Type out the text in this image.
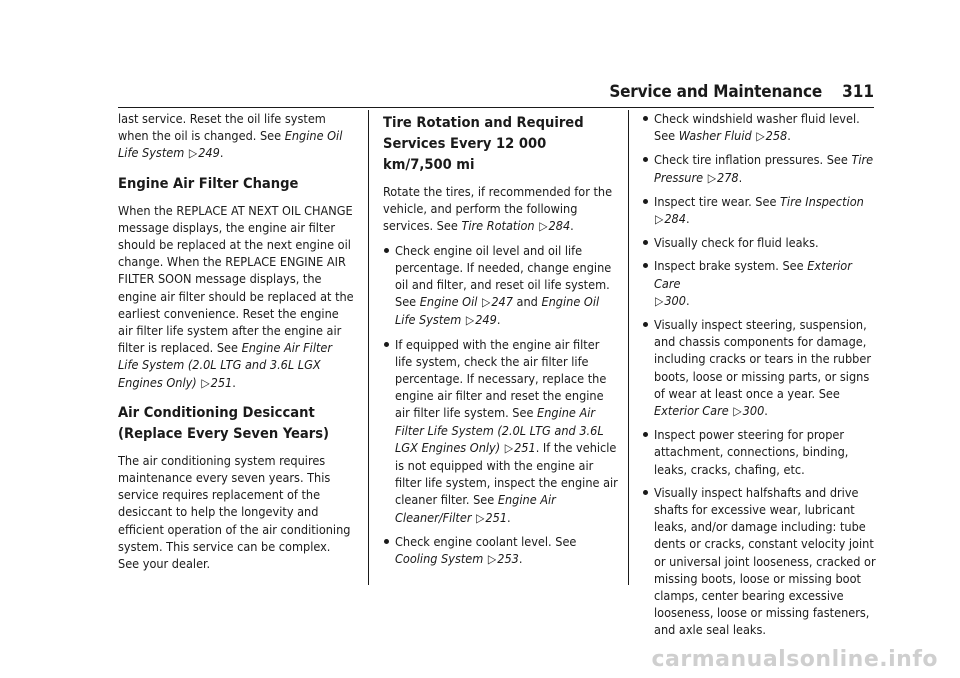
Service and Maintenance 311

last service. Reset the oil life system when the oil is changed. See Engine Oil Life System ▷249.

Engine Air Filter Change

When the REPLACE AT NEXT OIL CHANGE message displays, the engine air filter should be replaced at the next engine oil change. When the REPLACE ENGINE AIR FILTER SOON message displays, the engine air filter should be replaced at the earliest convenience. Reset the engine air filter life system after the engine air filter is replaced. See Engine Air Filter Life System (2.0L LTG and 3.6L LGX Engines Only) ▷251.

Air Conditioning Desiccant (Replace Every Seven Years)

The air conditioning system requires maintenance every seven years. This service requires replacement of the desiccant to help the longevity and efficient operation of the air conditioning system. This service can be complex. See your dealer.

Tire Rotation and Required Services Every 12 000 km/7,500 mi

Rotate the tires, if recommended for the vehicle, and perform the following services. See Tire Rotation ▷284.

Check engine oil level and oil life percentage. If needed, change engine oil and filter, and reset oil life system. See Engine Oil ▷247 and Engine Oil Life System ▷249.
If equipped with the engine air filter life system, check the air filter life percentage. If necessary, replace the engine air filter and reset the engine air filter life system. See Engine Air Filter Life System (2.0L LTG and 3.6L LGX Engines Only) ▷251. If the vehicle is not equipped with the engine air filter life system, inspect the engine air cleaner filter. See Engine Air Cleaner/Filter ▷251.
Check engine coolant level. See Cooling System ▷253.
Check windshield washer fluid level. See Washer Fluid ▷258.
Check tire inflation pressures. See Tire Pressure ▷278.
Inspect tire wear. See Tire Inspection
▷284.
Visually check for fluid leaks.
Inspect brake system. See Exterior Care
▷300.
Visually inspect steering, suspension, and chassis components for damage, including cracks or tears in the rubber boots, loose or missing parts, or signs of wear at least once a year. See Exterior Care ▷300.
Inspect power steering for proper attachment, connections, binding, leaks, cracks, chafing, etc.
Visually inspect halfshafts and drive shafts for excessive wear, lubricant leaks, and/or damage including: tube dents or cracks, constant velocity joint or universal joint looseness, cracked or missing boots, loose or missing boot clamps, center bearing excessive looseness, loose or missing fasteners, and axle seal leaks.
carmanualsonline.info
